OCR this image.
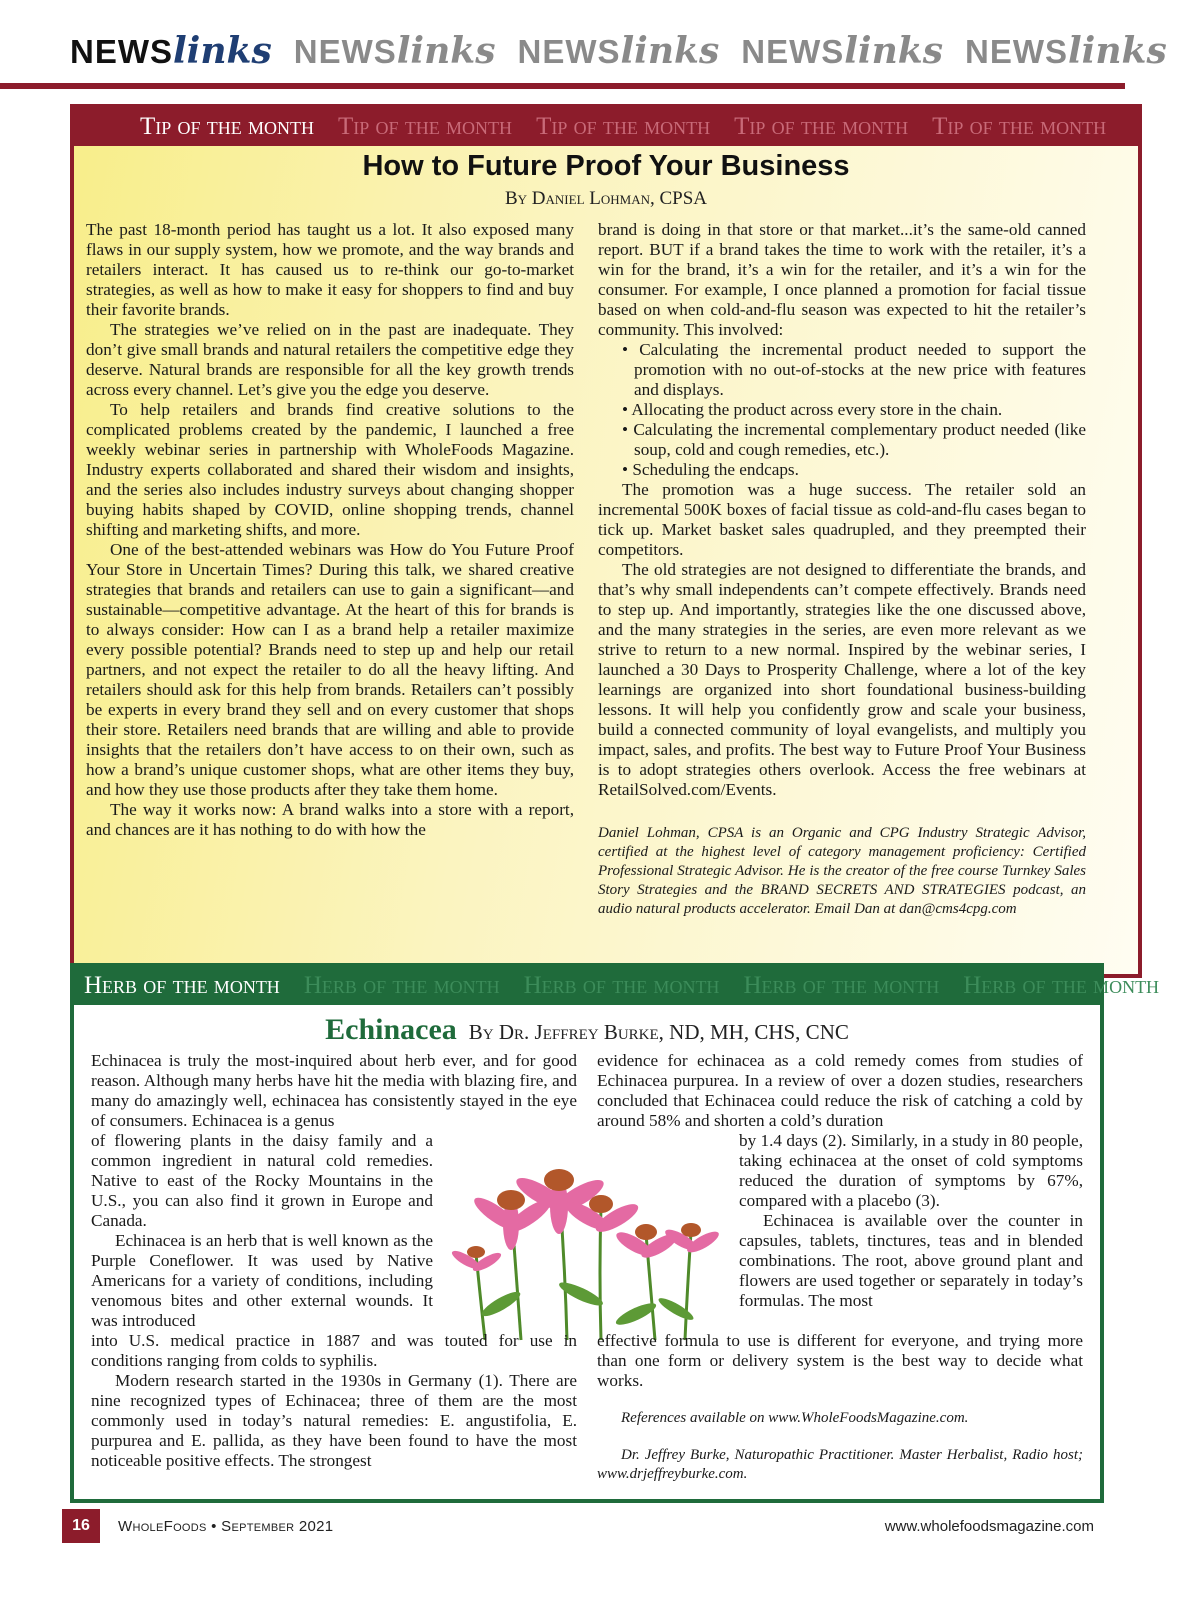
NEWSlinks NEWSlinks NEWSlinks NEWSlinks NEWSlinks
Tip of the month Tip of the month Tip of the month Tip of the month Tip of the month
How to Future Proof Your Business
By Daniel Lohman, CPSA

The past 18-month period has taught us a lot. It also exposed many flaws in our supply system, how we promote, and the way brands and retailers interact. It has caused us to re-think our go-to-market strategies, as well as how to make it easy for shoppers to find and buy their favorite brands.

The strategies we’ve relied on in the past are inadequate. They don’t give small brands and natural retailers the competitive edge they deserve. Natural brands are responsible for all the key growth trends across every channel. Let’s give you the edge you deserve.

To help retailers and brands find creative solutions to the complicated problems created by the pandemic, I launched a free weekly webinar series in partnership with WholeFoods Magazine. Industry experts collaborated and shared their wisdom and insights, and the series also includes industry surveys about changing shopper buying habits shaped by COVID, online shopping trends, channel shifting and marketing shifts, and more.

One of the best-attended webinars was How do You Future Proof Your Store in Uncertain Times? During this talk, we shared creative strategies that brands and retailers can use to gain a significant—and sustainable—competitive advantage. At the heart of this for brands is to always consider: How can I as a brand help a retailer maximize every possible potential? Brands need to step up and help our retail partners, and not expect the retailer to do all the heavy lifting. And retailers should ask for this help from brands. Retailers can’t possibly be experts in every brand they sell and on every customer that shops their store. Retailers need brands that are willing and able to provide insights that the retailers don’t have access to on their own, such as how a brand’s unique customer shops, what are other items they buy, and how they use those products after they take them home.

The way it works now: A brand walks into a store with a report, and chances are it has nothing to do with how the

brand is doing in that store or that market...it’s the same-old canned report. BUT if a brand takes the time to work with the retailer, it’s a win for the brand, it’s a win for the retailer, and it’s a win for the consumer. For example, I once planned a promotion for facial tissue based on when cold-and-flu season was expected to hit the retailer’s community. This involved:

• Calculating the incremental product needed to support the promotion with no out-of-stocks at the new price with features and displays.
• Allocating the product across every store in the chain.
• Calculating the incremental complementary product needed (like soup, cold and cough remedies, etc.).
• Scheduling the endcaps.

The promotion was a huge success. The retailer sold an incremental 500K boxes of facial tissue as cold-and-flu cases began to tick up. Market basket sales quadrupled, and they preempted their competitors.

The old strategies are not designed to differentiate the brands, and that’s why small independents can’t compete effectively. Brands need to step up. And importantly, strategies like the one discussed above, and the many strategies in the series, are even more relevant as we strive to return to a new normal. Inspired by the webinar series, I launched a 30 Days to Prosperity Challenge, where a lot of the key learnings are organized into short foundational business-building lessons. It will help you confidently grow and scale your business, build a connected community of loyal evangelists, and multiply you impact, sales, and profits. The best way to Future Proof Your Business is to adopt strategies others overlook. Access the free webinars at RetailSolved.com/Events.

Daniel Lohman, CPSA is an Organic and CPG Industry Strategic Advisor, certified at the highest level of category management proficiency: Certified Professional Strategic Advisor. He is the creator of the free course Turnkey Sales Story Strategies and the BRAND SECRETS AND STRATEGIES podcast, an audio natural products accelerator. Email Dan at dan@cms4cpg.com

Herb of the month Herb of the month Herb of the month Herb of the month Herb of the month
Echinacea By Dr. Jeffrey Burke, ND, MH, CHS, CNC

Echinacea is truly the most-inquired about herb ever, and for good reason. Although many herbs have hit the media with blazing fire, and many do amazingly well, echinacea has consistently stayed in the eye of consumers. Echinacea is a genus

of flowering plants in the daisy family and a common ingredient in natural cold remedies. Native to east of the Rocky Mountains in the U.S., you can also find it grown in Europe and Canada.

Echinacea is an herb that is well known as the Purple Coneflower. It was used by Native Americans for a variety of conditions, including venomous bites and other external wounds. It was introduced

into U.S. medical practice in 1887 and was touted for use in conditions ranging from colds to syphilis.

Modern research started in the 1930s in Germany (1). There are nine recognized types of Echinacea; three of them are the most commonly used in today’s natural remedies: E. angustifolia, E. purpurea and E. pallida, as they have been found to have the most noticeable positive effects. The strongest

evidence for echinacea as a cold remedy comes from studies of Echinacea purpurea. In a review of over a dozen studies, researchers concluded that Echinacea could reduce the risk of catching a cold by around 58% and shorten a cold’s duration

by 1.4 days (2). Similarly, in a study in 80 people, taking echinacea at the onset of cold symptoms reduced the duration of symptoms by 67%, compared with a placebo (3).

Echinacea is available over the counter in capsules, tablets, tinctures, teas and in blended combinations. The root, above ground plant and flowers are used together or separately in today’s formulas. The most

effective formula to use is different for everyone, and trying more than one form or delivery system is the best way to decide what works.

References available on www.WholeFoodsMagazine.com.

Dr. Jeffrey Burke, Naturopathic Practitioner. Master Herbalist, Radio host; www.drjeffreyburke.com.

16	WholeFoods • September 2021	www.wholefoodsmagazine.com
